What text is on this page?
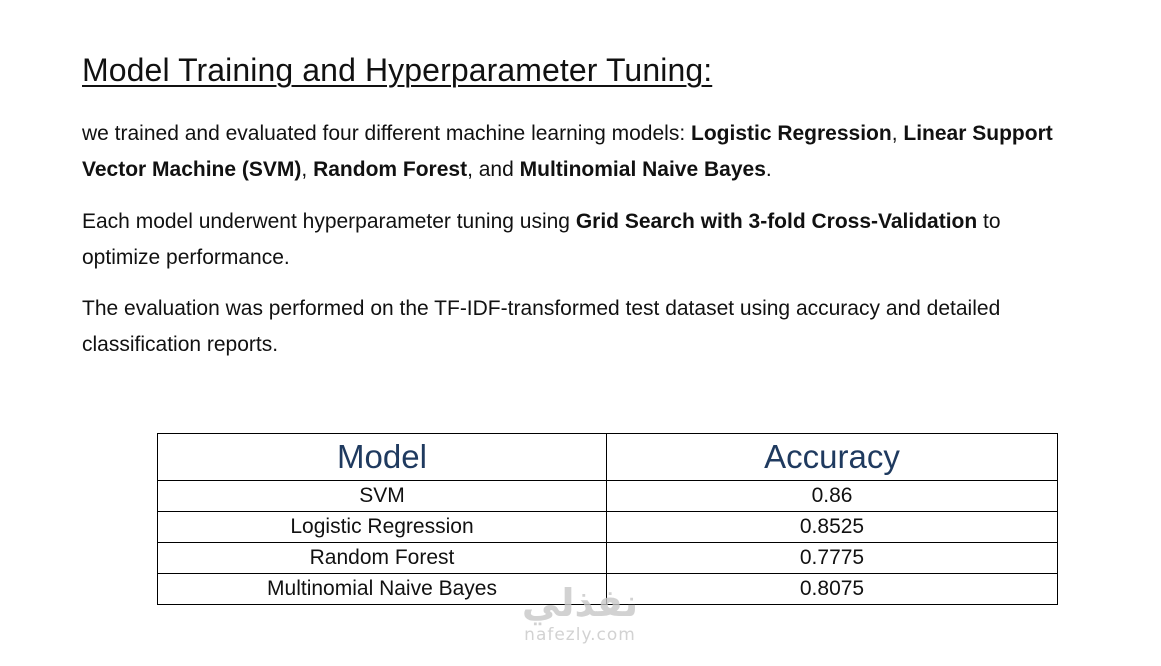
Model Training and Hyperparameter Tuning:

we trained and evaluated four different machine learning models: Logistic Regression, Linear Support Vector Machine (SVM), Random Forest, and Multinomial Naive Bayes.

Each model underwent hyperparameter tuning using Grid Search with 3-fold Cross-Validation to optimize performance.

The evaluation was performed on the TF-IDF-transformed test dataset using accuracy and detailed classification reports.

Model	Accuracy
SVM	0.86
Logistic Regression	0.8525
Random Forest	0.7775
Multinomial Naive Bayes	0.8075
نفذلي
nafezly.com
